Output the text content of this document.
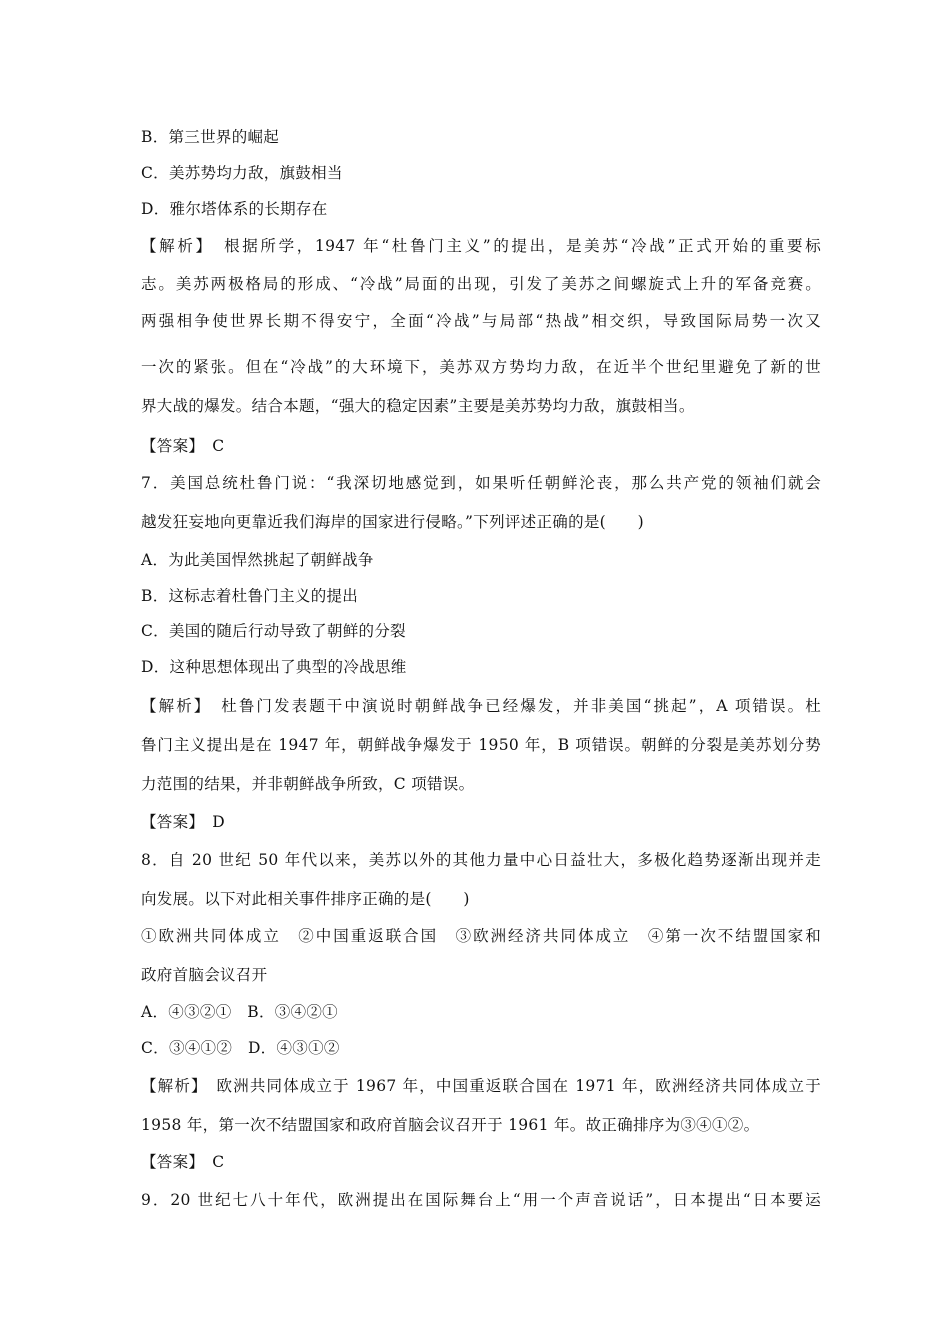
B．第三世界的崛起
C．美苏势均力敌，旗鼓相当
D．雅尔塔体系的长期存在
【解析】　根据所学，1947 年“杜鲁门主义”的提出，是美苏“冷战”正式开始的重要标
志。美苏两极格局的形成、“冷战”局面的出现，引发了美苏之间螺旋式上升的军备竞赛。
两强相争使世界长期不得安宁，全面“冷战”与局部“热战”相交织，导致国际局势一次又
一次的紧张。但在“冷战”的大环境下，美苏双方势均力敌，在近半个世纪里避免了新的世
界大战的爆发。结合本题，“强大的稳定因素”主要是美苏势均力敌，旗鼓相当。
【答案】　C
7．美国总统杜鲁门说：“我深切地感觉到，如果听任朝鲜沦丧，那么共产党的领袖们就会
越发狂妄地向更靠近我们海岸的国家进行侵略。”下列评述正确的是(　　)
A．为此美国悍然挑起了朝鲜战争
B．这标志着杜鲁门主义的提出
C．美国的随后行动导致了朝鲜的分裂
D．这种思想体现出了典型的冷战思维
【解析】　杜鲁门发表题干中演说时朝鲜战争已经爆发，并非美国“挑起”，A 项错误。杜
鲁门主义提出是在 1947 年，朝鲜战争爆发于 1950 年，B 项错误。朝鲜的分裂是美苏划分势
力范围的结果，并非朝鲜战争所致，C 项错误。
【答案】　D
8．自 20 世纪 50 年代以来，美苏以外的其他力量中心日益壮大，多极化趋势逐渐出现并走
向发展。以下对此相关事件排序正确的是(　　)
①欧洲共同体成立　②中国重返联合国　③欧洲经济共同体成立　④第一次不结盟国家和
政府首脑会议召开
A．④③②①　B．③④②①
C．③④①②　D．④③①②
【解析】　欧洲共同体成立于 1967 年，中国重返联合国在 1971 年，欧洲经济共同体成立于
1958 年，第一次不结盟国家和政府首脑会议召开于 1961 年。故正确排序为③④①②。
【答案】　C
9．20 世纪七八十年代，欧洲提出在国际舞台上“用一个声音说话”，日本提出“日本要运
